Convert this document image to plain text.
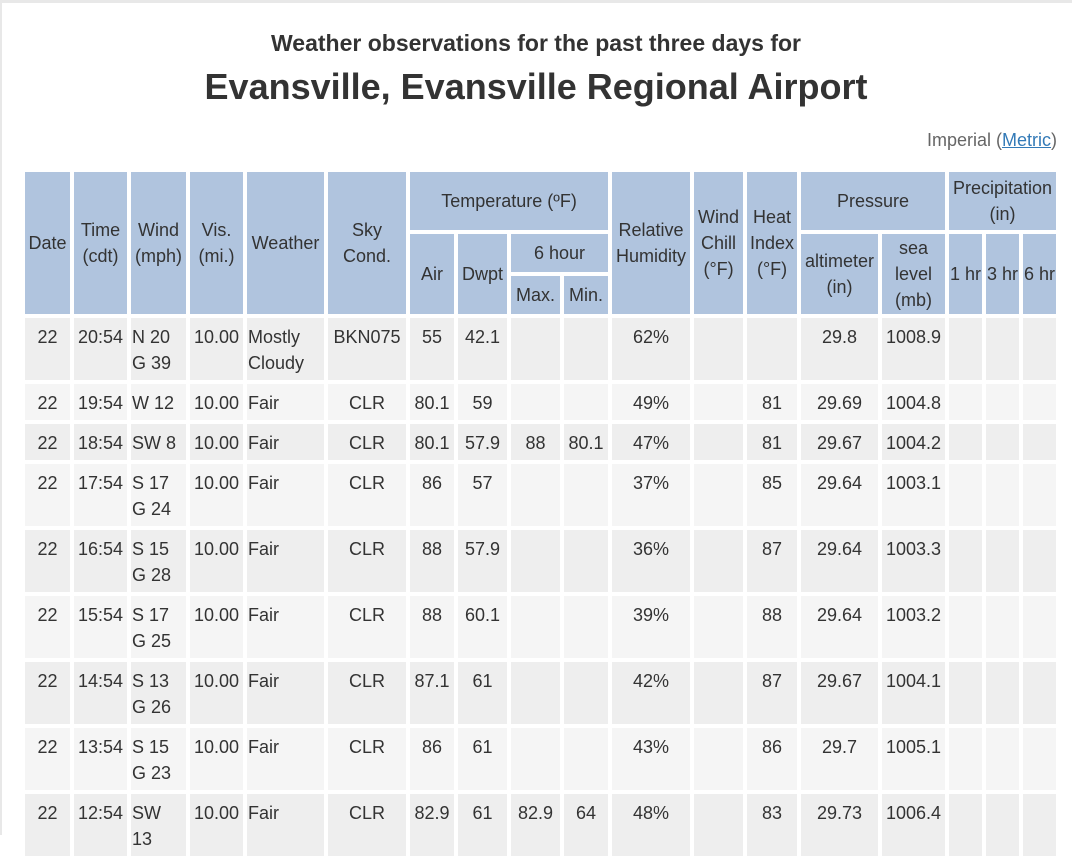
Weather observations for the past three days for
Evansville, Evansville Regional Airport
Imperial (Metric)
Date	Time (cdt)	Wind (mph)	Vis. (mi.)	Weather	Sky Cond.	Temperature (ºF)				Relative Humidity	Wind Chill (°F)	Heat Index (°F)	Pressure		Precipitation (in)		
						Air	Dwpt	6 hour					altimeter (in)	sea level (mb)	1 hr	3 hr	6 hr
								Max.	Min.								
22	20:54	N 20 G 39	10.00	Mostly Cloudy	BKN075	55	42.1			62%			29.8	1008.9			
22	19:54	W 12	10.00	Fair	CLR	80.1	59			49%		81	29.69	1004.8			
22	18:54	SW 8	10.00	Fair	CLR	80.1	57.9	88	80.1	47%		81	29.67	1004.2			
22	17:54	S 17 G 24	10.00	Fair	CLR	86	57			37%		85	29.64	1003.1			
22	16:54	S 15 G 28	10.00	Fair	CLR	88	57.9			36%		87	29.64	1003.3			
22	15:54	S 17 G 25	10.00	Fair	CLR	88	60.1			39%		88	29.64	1003.2			
22	14:54	S 13 G 26	10.00	Fair	CLR	87.1	61			42%		87	29.67	1004.1			
22	13:54	S 15 G 23	10.00	Fair	CLR	86	61			43%		86	29.7	1005.1			
22	12:54	SW 13	10.00	Fair	CLR	82.9	61	82.9	64	48%		83	29.73	1006.4			
